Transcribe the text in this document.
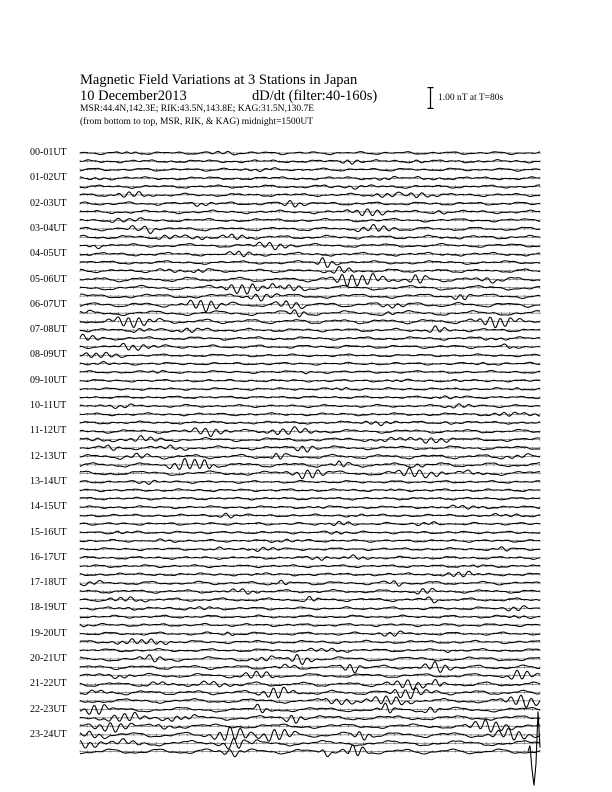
Magnetic Field Variations at 3 Stations in Japan
10 December2013	dD/dt (filter:40-160s)
MSR:44.4N,142.3E; RIK:43.5N,143.8E; KAG:31.5N,130.7E
(from bottom to top, MSR, RIK, & KAG) midnight=1500UT
1.00 nT at T=80s
00-01UT
01-02UT
02-03UT
03-04UT
04-05UT
05-06UT
06-07UT
07-08UT
08-09UT
09-10UT
10-11UT
11-12UT
12-13UT
13-14UT
14-15UT
15-16UT
16-17UT
17-18UT
18-19UT
19-20UT
20-21UT
21-22UT
22-23UT
23-24UT
